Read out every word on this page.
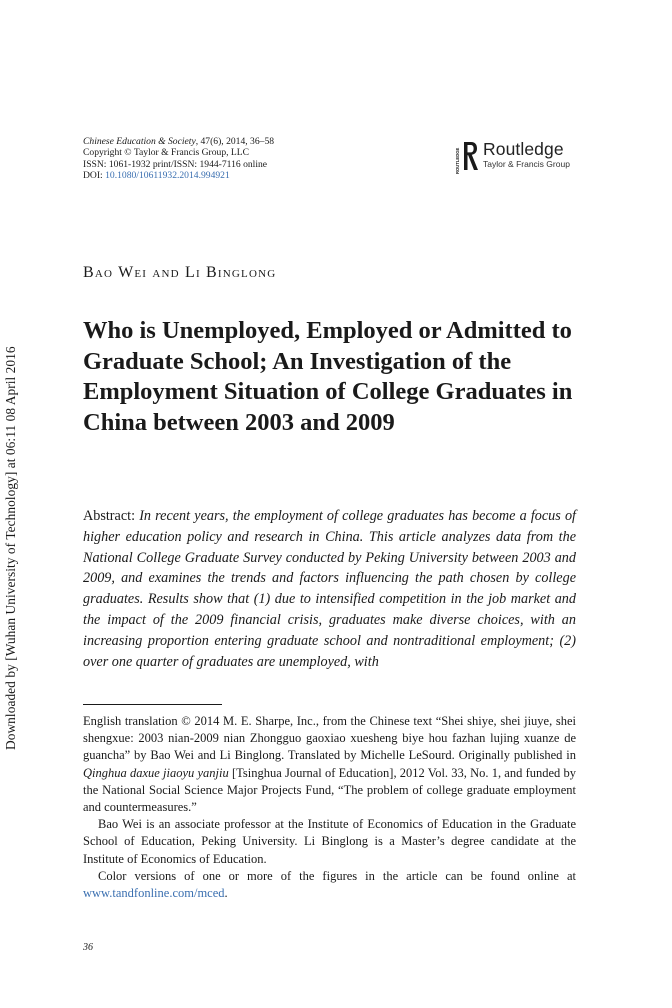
Downloaded by [Wuhan University of Technology] at 06:11 08 April 2016
Chinese Education & Society, 47(6), 2014, 36–58
Copyright © Taylor & Francis Group, LLC
ISSN: 1061-1932 print/ISSN: 1944-7116 online
DOI: 10.1080/10611932.2014.994921
ROUTLEDGE Routledge
Taylor & Francis Group
Bao Wei and Li Binglong
Who is Unemployed, Employed or Admitted to Graduate School; An Investigation of the Employment Situation of College Graduates in China between 2003 and 2009

Abstract: In recent years, the employment of college graduates has become a focus of higher education policy and research in China. This article analyzes data from the National College Graduate Survey conducted by Peking University between 2003 and 2009, and examines the trends and factors influencing the path chosen by college graduates. Results show that (1) due to intensified competition in the job market and the impact of the 2009 financial crisis, graduates make diverse choices, with an increasing proportion entering graduate school and nontraditional employment; (2) over one quarter of graduates are unemployed, with

English translation © 2014 M. E. Sharpe, Inc., from the Chinese text “Shei shiye, shei jiuye, shei shengxue: 2003 nian-2009 nian Zhongguo gaoxiao xuesheng biye hou fazhan lujing xuanze de guancha” by Bao Wei and Li Binglong. Translated by Michelle LeSourd. Originally published in Qinghua daxue jiaoyu yanjiu [Tsinghua Journal of Education], 2012 Vol. 33, No. 1, and funded by the National Social Science Major Projects Fund, “The problem of college graduate employment and countermeasures.”

Bao Wei is an associate professor at the Institute of Economics of Education in the Graduate School of Education, Peking University. Li Binglong is a Master’s degree candidate at the Institute of Economics of Education.

Color versions of one or more of the figures in the article can be found online at www.tandfonline.com/mced.

36
